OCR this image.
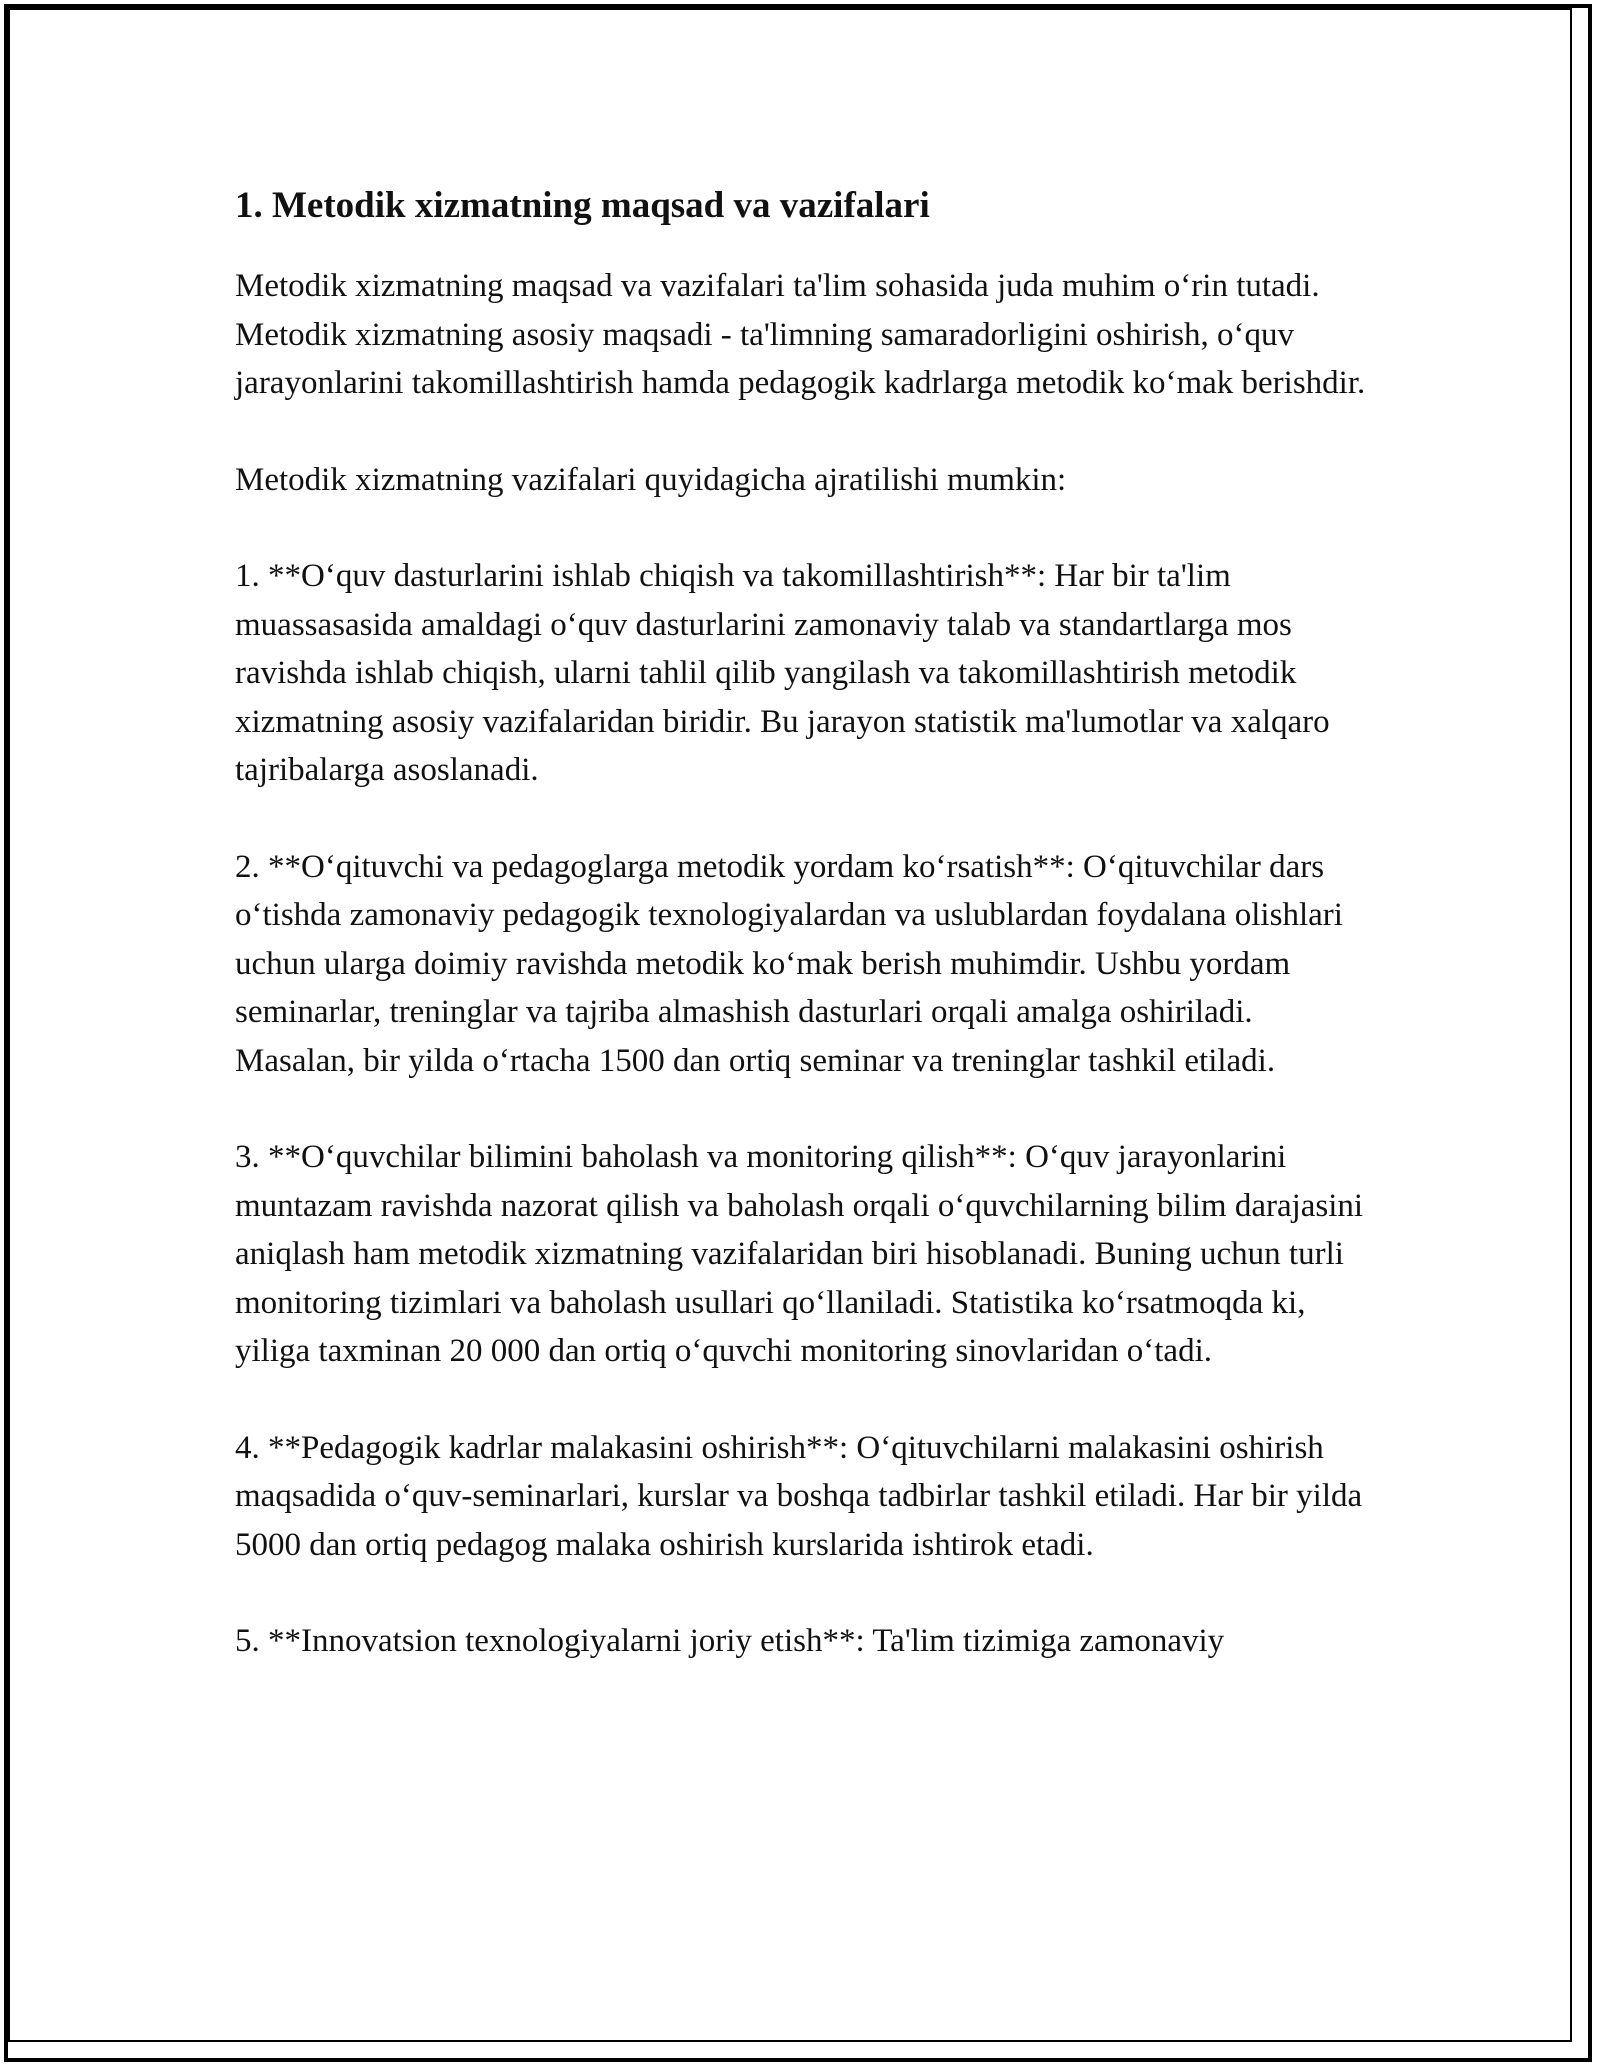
1. Metodik xizmatning maqsad va vazifalari

Metodik xizmatning maqsad va vazifalari ta'lim sohasida juda muhim o‘rin tutadi. Metodik xizmatning asosiy maqsadi - ta'limning samaradorligini oshirish, o‘quv jarayonlarini takomillashtirish hamda pedagogik kadrlarga metodik ko‘mak berishdir.

Metodik xizmatning vazifalari quyidagicha ajratilishi mumkin:

1. **O‘quv dasturlarini ishlab chiqish va takomillashtirish**: Har bir ta'lim muassasasida amaldagi o‘quv dasturlarini zamonaviy talab va standartlarga mos ravishda ishlab chiqish, ularni tahlil qilib yangilash va takomillashtirish metodik xizmatning asosiy vazifalaridan biridir. Bu jarayon statistik ma'lumotlar va xalqaro tajribalarga asoslanadi.

2. **O‘qituvchi va pedagoglarga metodik yordam ko‘rsatish**: O‘qituvchilar dars o‘tishda zamonaviy pedagogik texnologiyalardan va uslublardan foydalana olishlari uchun ularga doimiy ravishda metodik ko‘mak berish muhimdir. Ushbu yordam seminarlar, treninglar va tajriba almashish dasturlari orqali amalga oshiriladi. Masalan, bir yilda o‘rtacha 1500 dan ortiq seminar va treninglar tashkil etiladi.

3. **O‘quvchilar bilimini baholash va monitoring qilish**: O‘quv jarayonlarini muntazam ravishda nazorat qilish va baholash orqali o‘quvchilarning bilim darajasini aniqlash ham metodik xizmatning vazifalaridan biri hisoblanadi. Buning uchun turli monitoring tizimlari va baholash usullari qo‘llaniladi. Statistika ko‘rsatmoqda ki, yiliga taxminan 20 000 dan ortiq o‘quvchi monitoring sinovlaridan o‘tadi.

4. **Pedagogik kadrlar malakasini oshirish**: O‘qituvchilarni malakasini oshirish maqsadida o‘quv-seminarlari, kurslar va boshqa tadbirlar tashkil etiladi. Har bir yilda 5000 dan ortiq pedagog malaka oshirish kurslarida ishtirok etadi.

5. **Innovatsion texnologiyalarni joriy etish**: Ta'lim tizimiga zamonaviy
